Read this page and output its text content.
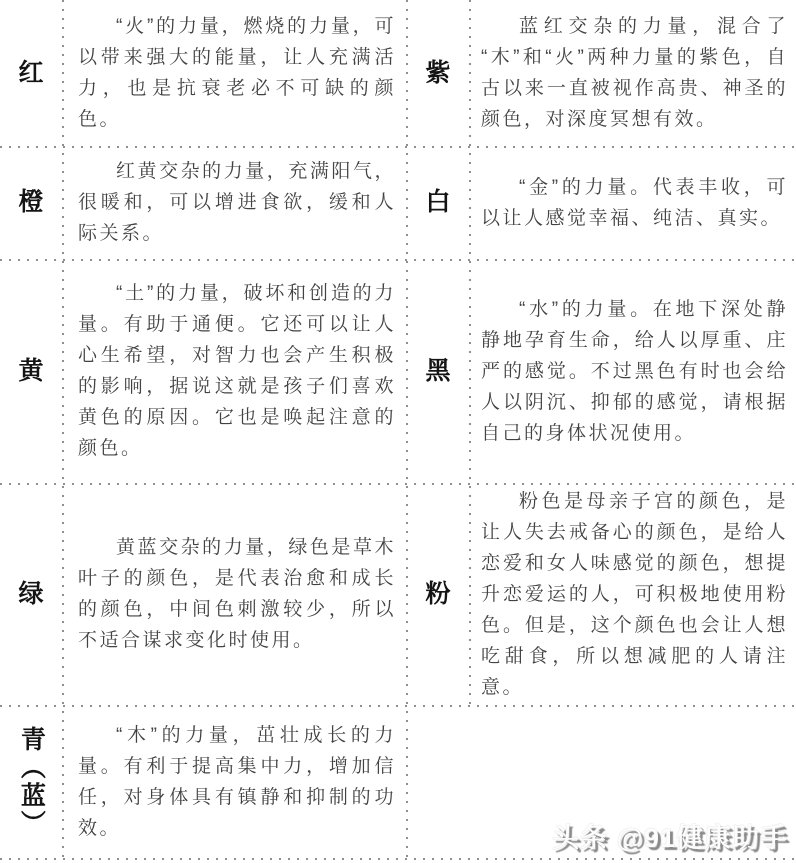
红
“火”的力量，燃烧的力量，可以带来强大的能量，让人充满活力，也是抗衰老必不可缺的颜色。
紫
蓝红交杂的力量，混合了“木”和“火”两种力量的紫色，自古以来一直被视作高贵、神圣的颜色，对深度冥想有效。
橙
红黄交杂的力量，充满阳气，很暖和，可以增进食欲，缓和人际关系。
白
“金”的力量。代表丰收，可以让人感觉幸福、纯洁、真实。
黄
“土”的力量，破坏和创造的力量。有助于通便。它还可以让人心生希望，对智力也会产生积极的影响，据说这就是孩子们喜欢黄色的原因。它也是唤起注意的颜色。
黑
“水”的力量。在地下深处静静地孕育生命，给人以厚重、庄严的感觉。不过黑色有时也会给人以阴沉、抑郁的感觉，请根据自己的身体状况使用。
绿
黄蓝交杂的力量，绿色是草木叶子的颜色，是代表治愈和成长的颜色，中间色刺激较少，所以不适合谋求变化时使用。
粉
粉色是母亲子宫的颜色，是让人失去戒备心的颜色，是给人恋爱和女人味感觉的颜色，想提升恋爱运的人，可积极地使用粉色。但是，这个颜色也会让人想吃甜食，所以想减肥的人请注意。
青（蓝）	“木”的力量，茁壮成长的力量。有利于提高集中力，增加信任，对身体具有镇静和抑制的功效。	头条 @91健康助手
